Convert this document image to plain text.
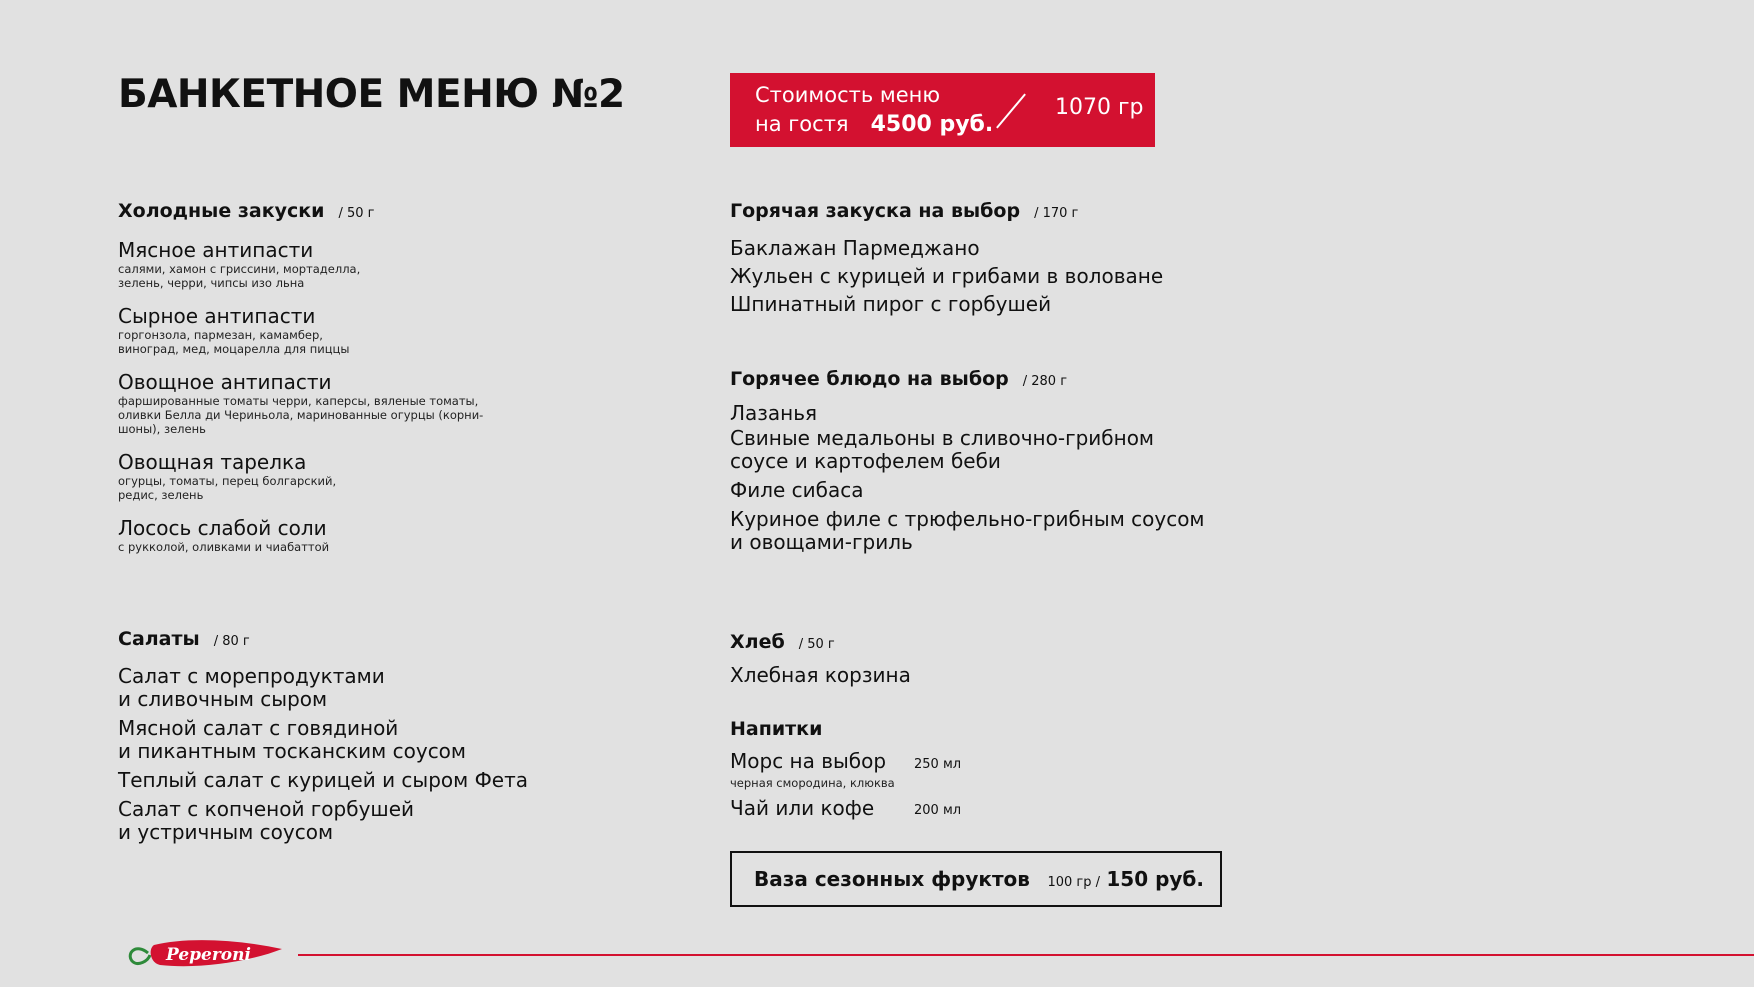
БАНКЕТНОЕ МЕНЮ №2	Стоимость меню
на гостя 4500 руб.
1070 гр
Холодные закуски / 50 г
Мясное антипасти
салями, хамон с гриссини, мортаделла,
зелень, черри, чипсы изо льна
Сырное антипасти
горгонзола, пармезан, камамбер,
виноград, мед, моцарелла для пиццы
Овощное антипасти
фаршированные томаты черри, каперсы, вяленые томаты,
оливки Белла ди Чериньола, маринованные огурцы (корни-
шоны), зелень
Овощная тарелка
огурцы, томаты, перец болгарский,
редис, зелень
Лосось слабой соли
с рукколой, оливками и чиабаттой
Салаты / 80 г
Салат с морепродуктами
и сливочным сыром
Мясной салат с говядиной
и пикантным тосканским соусом
Теплый салат с курицей и сыром Фета
Салат с копченой горбушей
и устричным соусом
Горячая закуска на выбор / 170 г
Баклажан Пармеджано
Жульен с курицей и грибами в воловане
Шпинатный пирог с горбушей
Горячее блюдо на выбор / 280 г
Лазанья
Свиные медальоны в сливочно-грибном
соусе и картофелем беби
Филе сибаса
Куриное филе с трюфельно-грибным соусом
и овощами-гриль
Хлеб / 50 г
Хлебная корзина
Напитки
Морс на выбор 250 мл
черная смородина, клюква
Чай или кофе	200 мл
Ваза сезонных фруктов 100 гр / 150 руб.
Peperoni
